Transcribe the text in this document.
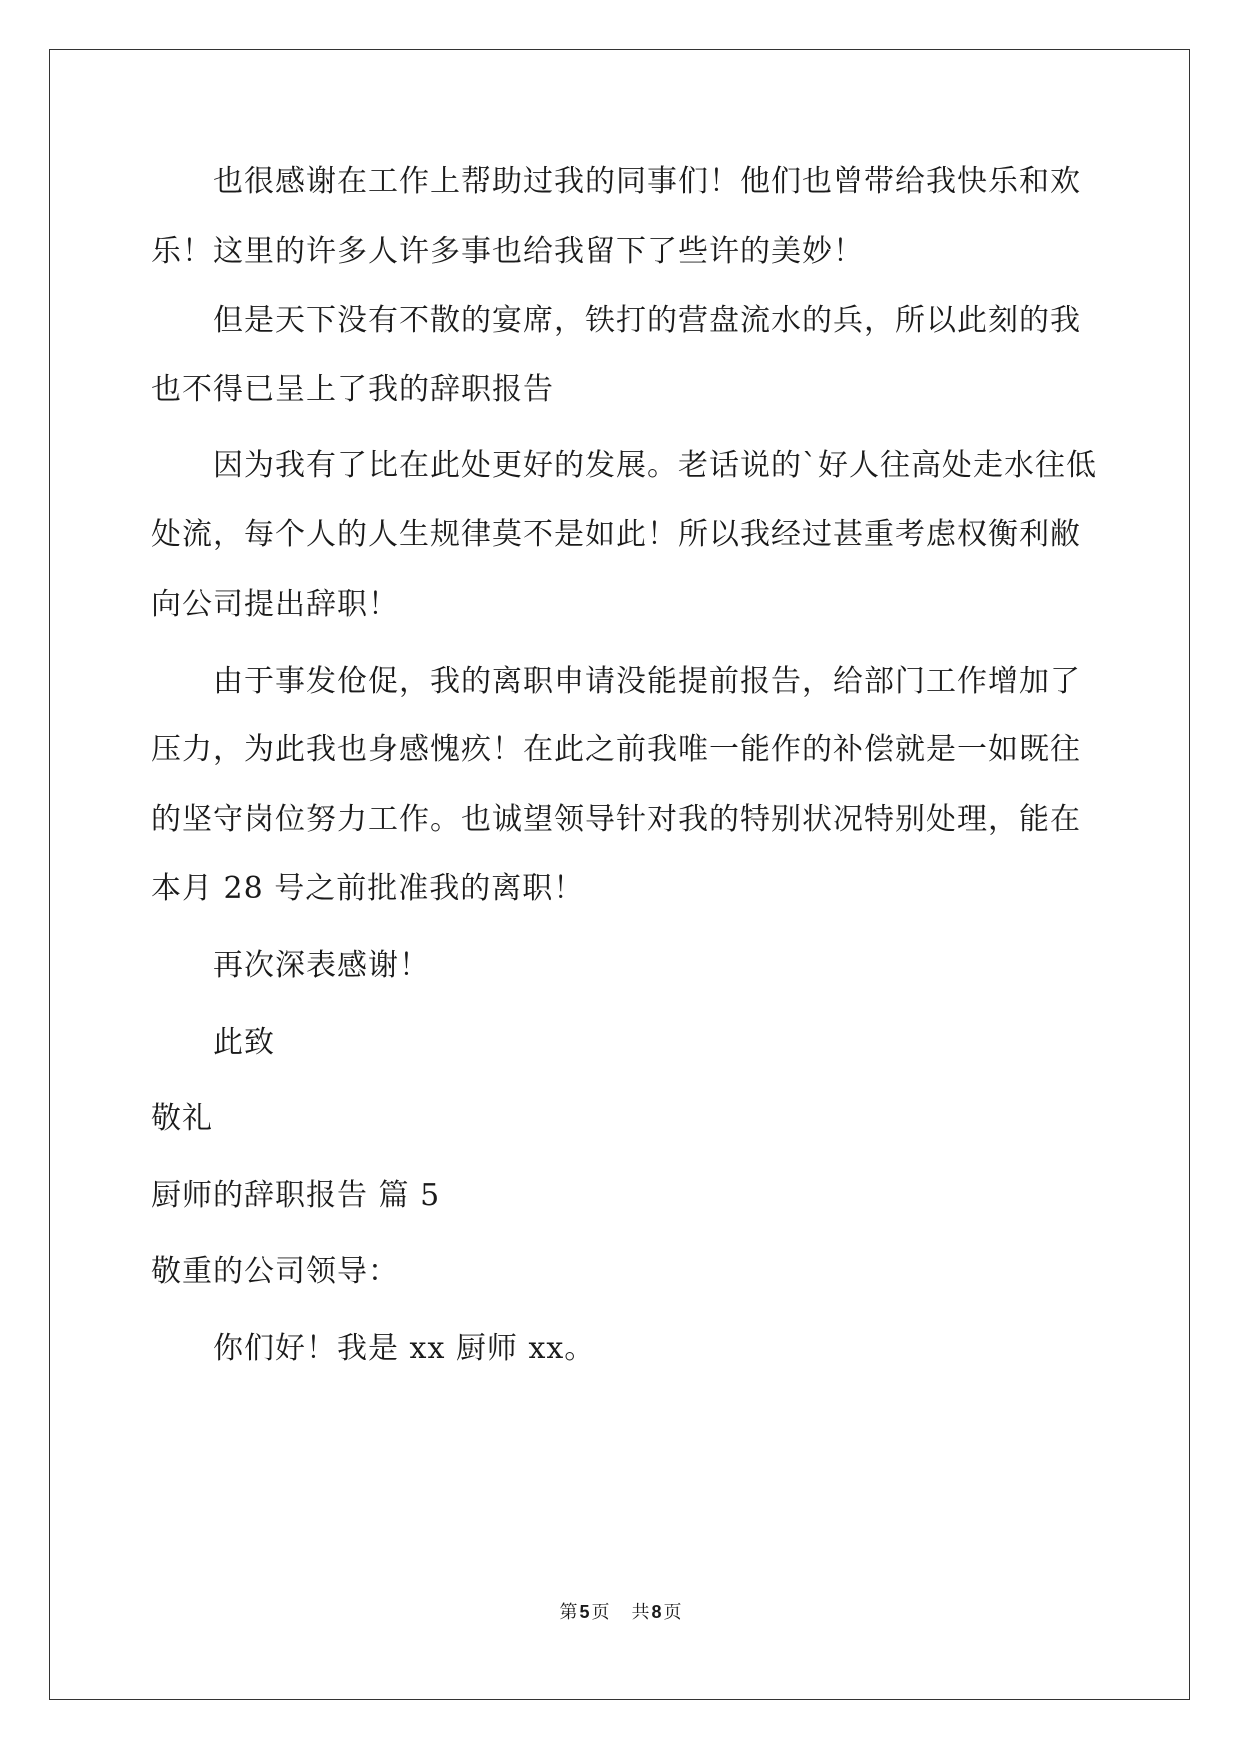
也很感谢在工作上帮助过我的同事们！他们也曾带给我快乐和欢
乐！这里的许多人许多事也给我留下了些许的美妙！
但是天下没有不散的宴席，铁打的营盘流水的兵，所以此刻的我
也不得已呈上了我的辞职报告
因为我有了比在此处更好的发展。老话说的`好人往高处走水往低
处流，每个人的人生规律莫不是如此！所以我经过甚重考虑权衡利敝
向公司提出辞职！
由于事发伧促，我的离职申请没能提前报告，给部门工作增加了
压力，为此我也身感愧疚！在此之前我唯一能作的补偿就是一如既往
的坚守岗位努力工作。也诚望领导针对我的特别状况特别处理，能在
本月 28 号之前批准我的离职！
再次深表感谢！
此致
敬礼
厨师的辞职报告 篇 5
敬重的公司领导：
你们好！我是 xx 厨师 xx。
第 5 页 共 8 页
